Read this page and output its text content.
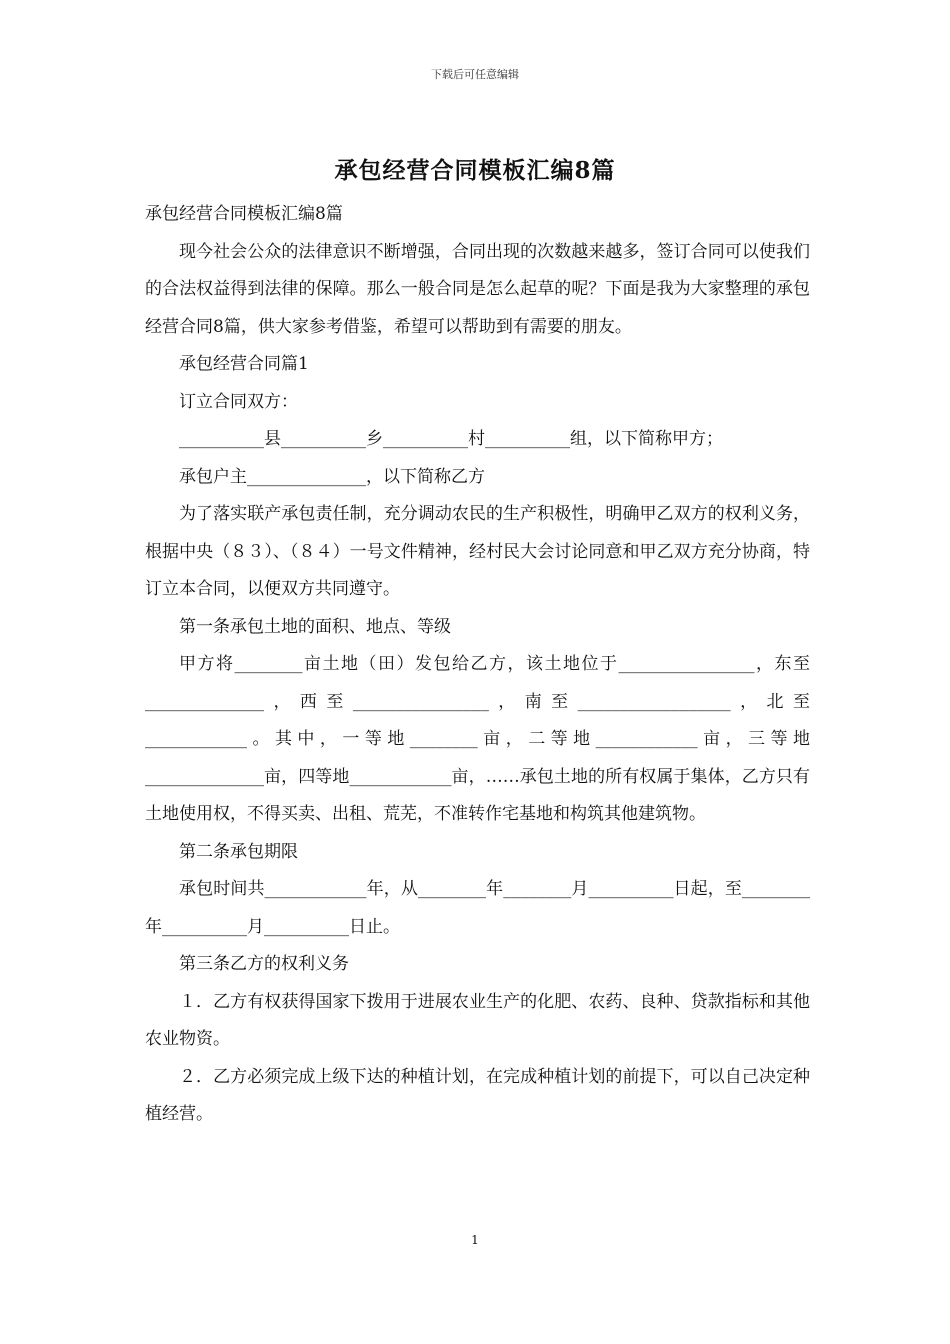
下载后可任意编辑
承包经营合同模板汇编8篇

承包经营合同模板汇编8篇

现今社会公众的法律意识不断增强，合同出现的次数越来越多，签订合同可以使我们的合法权益得到法律的保障。那么一般合同是怎么起草的呢？下面是我为大家整理的承包经营合同8篇，供大家参考借鉴，希望可以帮助到有需要的朋友。

承包经营合同篇1

订立合同双方：

__________县__________乡__________村__________组，以下简称甲方；

承包户主______________，以下简称乙方

为了落实联产承包责任制，充分调动农民的生产积极性，明确甲乙双方的权利义务，根据中央（８３）、（８４）一号文件精神，经村民大会讨论同意和甲乙双方充分协商，特订立本合同，以便双方共同遵守。

第一条承包土地的面积、地点、等级

甲方将________亩土地（田）发包给乙方，该土地位于________________，东至______________，西至________________，南至__________________，北至____________。其中，一等地________亩，二等地____________亩，三等地______________亩，四等地____________亩，……承包土地的所有权属于集体，乙方只有土地使用权，不得买卖、出租、荒芜，不准转作宅基地和构筑其他建筑物。

第二条承包期限

承包时间共____________年，从________年________月__________日起，至________年__________月__________日止。

第三条乙方的权利义务

１．乙方有权获得国家下拨用于进展农业生产的化肥、农药、良种、贷款指标和其他农业物资。

２．乙方必须完成上级下达的种植计划，在完成种植计划的前提下，可以自己决定种植经营。

1
